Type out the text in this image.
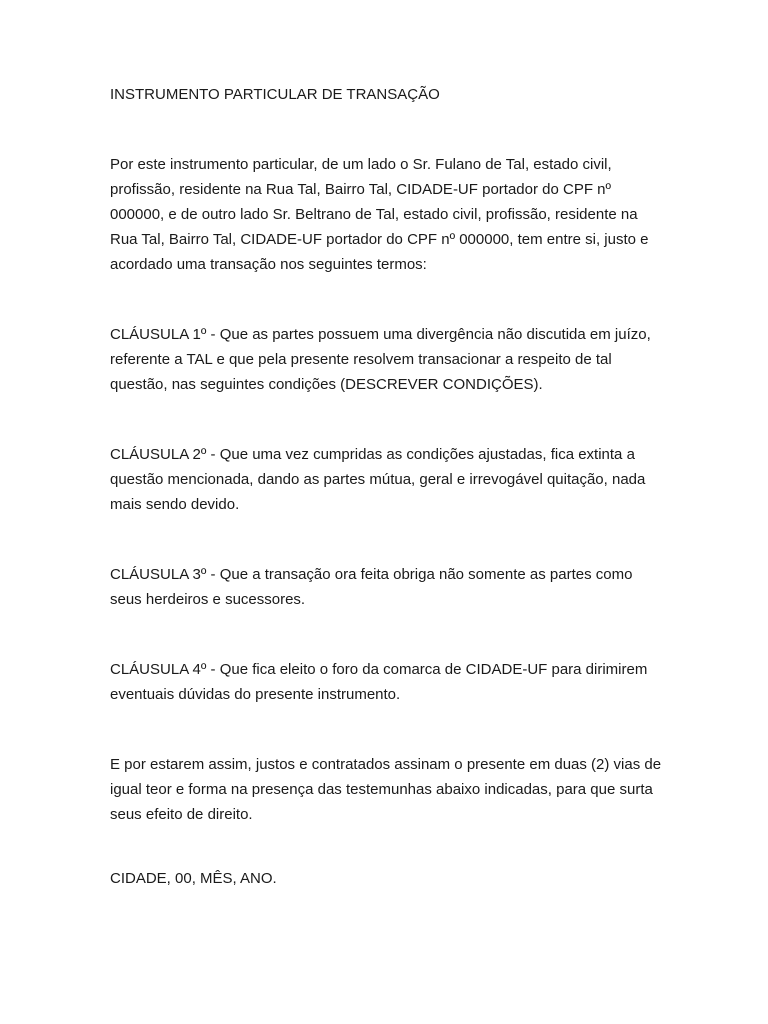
INSTRUMENTO PARTICULAR DE TRANSAÇÃO

Por este instrumento particular, de um lado o Sr. Fulano de Tal, estado civil, profissão, residente na Rua Tal, Bairro Tal, CIDADE-UF portador do CPF nº 000000, e de outro lado Sr. Beltrano de Tal, estado civil, profissão, residente na Rua Tal, Bairro Tal, CIDADE-UF portador do CPF nº 000000, tem entre si, justo e acordado uma transação nos seguintes termos:

CLÁUSULA 1º - Que as partes possuem uma divergência não discutida em juízo, referente a TAL e que pela presente resolvem transacionar a respeito de tal questão, nas seguintes condições (DESCREVER CONDIÇÕES).

CLÁUSULA 2º - Que uma vez cumpridas as condições ajustadas, fica extinta a questão mencionada, dando as partes mútua, geral e irrevogável quitação, nada mais sendo devido.

CLÁUSULA 3º - Que a transação ora feita obriga não somente as partes como seus herdeiros e sucessores.

CLÁUSULA 4º - Que fica eleito o foro da comarca de CIDADE-UF para dirimirem eventuais dúvidas do presente instrumento.

E por estarem assim, justos e contratados assinam o presente em duas (2) vias de igual teor e forma na presença das testemunhas abaixo indicadas, para que surta seus efeito de direito.

CIDADE, 00, MÊS, ANO.
